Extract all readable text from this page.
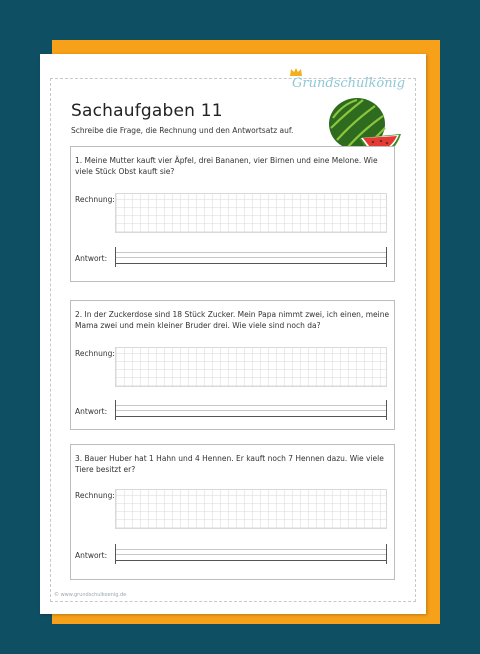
Grundschulkönig
Sachaufgaben 11
Schreibe die Frage, die Rechnung und den Antwortsatz auf.
1. Meine Mutter kauft vier Äpfel, drei Bananen, vier Birnen und eine Melone. Wie viele Stück Obst kauft sie?
Rechnung:
Antwort:
2. In der Zuckerdose sind 18 Stück Zucker. Mein Papa nimmt zwei, ich einen, meine Mama zwei und mein kleiner Bruder drei. Wie viele sind noch da?
Rechnung:
Antwort:
3. Bauer Huber hat 1 Hahn und 4 Hennen. Er kauft noch 7 Hennen dazu. Wie viele Tiere besitzt er?
Rechnung:
Antwort:
© www.grundschulkoenig.de
